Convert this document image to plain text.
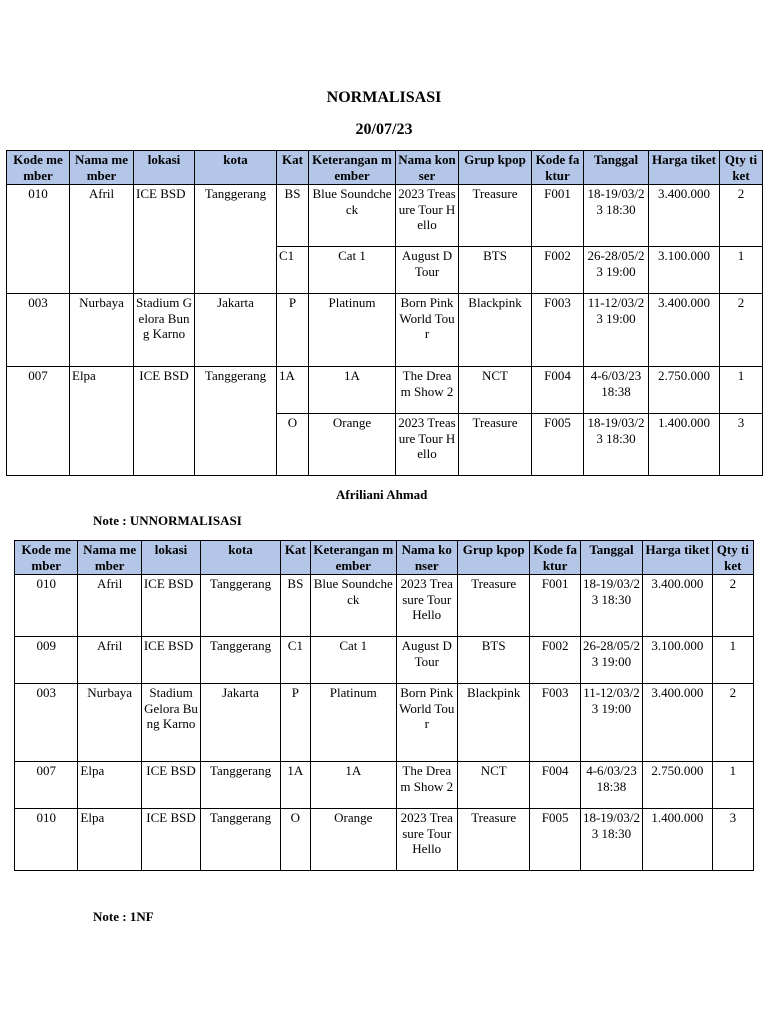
NORMALISASI
20/07/23
Kode member	Nama member	lokasi	kota	Kat	Keterangan member	Nama konser	Grup kpop	Kode faktur	Tanggal	Harga tiket	Qty tiket
010	Afril	ICE BSD	Tanggerang	BS	Blue Soundcheck	2023 Treasure Tour Hello	Treasure	F001	18-19/03/23 18:30	3.400.000	2
				C1	Cat 1	August D Tour	BTS	F002	26-28/05/23 19:00	3.100.000	1
003	Nurbaya	Stadium Gelora Bung Karno	Jakarta	P	Platinum	Born Pink World Tour	Blackpink	F003	11-12/03/23 19:00	3.400.000	2
007	Elpa	ICE BSD	Tanggerang	1A	1A	The Dream Show 2	NCT	F004	4-6/03/23 18:38	2.750.000	1
				O	Orange	2023 Treasure Tour Hello	Treasure	F005	18-19/03/23 18:30	1.400.000	3
Afriliani Ahmad
Note : UNNORMALISASI
Kode member	Nama member	lokasi	kota	Kat	Keterangan member	Nama konser	Grup kpop	Kode faktur	Tanggal	Harga tiket	Qty tiket
010	Afril	ICE BSD	Tanggerang	BS	Blue Soundcheck	2023 Treasure Tour Hello	Treasure	F001	18-19/03/23 18:30	3.400.000	2
009	Afril	ICE BSD	Tanggerang	C1	Cat 1	August D Tour	BTS	F002	26-28/05/23 19:00	3.100.000	1
003	Nurbaya	Stadium Gelora Bung Karno	Jakarta	P	Platinum	Born Pink World Tour	Blackpink	F003	11-12/03/23 19:00	3.400.000	2
007	Elpa	ICE BSD	Tanggerang	1A	1A	The Dream Show 2	NCT	F004	4-6/03/23 18:38	2.750.000	1
010	Elpa	ICE BSD	Tanggerang	O	Orange	2023 Treasure Tour Hello	Treasure	F005	18-19/03/23 18:30	1.400.000	3
Note : 1NF
